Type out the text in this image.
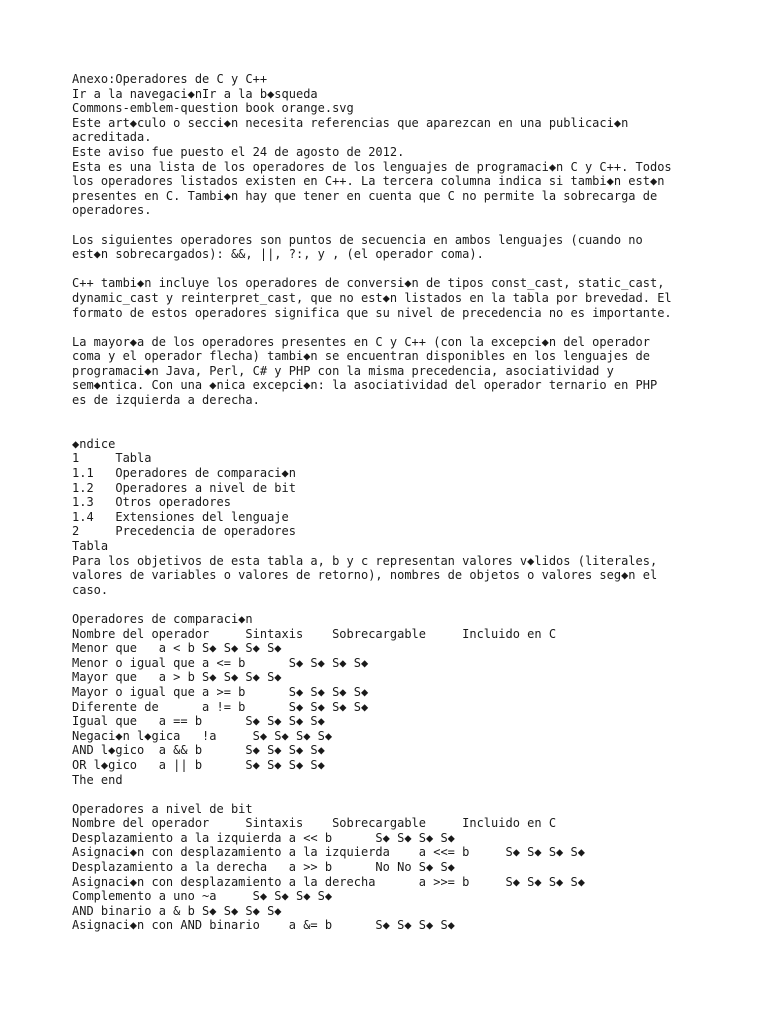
Anexo:Operadores de C y C++
Ir a la navegaci◆nIr a la b◆squeda
Commons-emblem-question book orange.svg
Este art◆culo o secci◆n necesita referencias que aparezcan en una publicaci◆n
acreditada.
Este aviso fue puesto el 24 de agosto de 2012.
Esta es una lista de los operadores de los lenguajes de programaci◆n C y C++. Todos
los operadores listados existen en C++. La tercera columna indica si tambi◆n est◆n
presentes en C. Tambi◆n hay que tener en cuenta que C no permite la sobrecarga de
operadores.
Los siguientes operadores son puntos de secuencia en ambos lenguajes (cuando no
est◆n sobrecargados): &&, ||, ?:, y , (el operador coma).
C++ tambi◆n incluye los operadores de conversi◆n de tipos const_cast, static_cast,
dynamic_cast y reinterpret_cast, que no est◆n listados en la tabla por brevedad. El
formato de estos operadores significa que su nivel de precedencia no es importante.
La mayor◆a de los operadores presentes en C y C++ (con la excepci◆n del operador
coma y el operador flecha) tambi◆n se encuentran disponibles en los lenguajes de
programaci◆n Java, Perl, C# y PHP con la misma precedencia, asociatividad y
sem◆ntica. Con una ◆nica excepci◆n: la asociatividad del operador ternario en PHP
es de izquierda a derecha.
◆ndice
1     Tabla
1.1   Operadores de comparaci◆n
1.2   Operadores a nivel de bit
1.3   Otros operadores
1.4   Extensiones del lenguaje
2     Precedencia de operadores
Tabla
Para los objetivos de esta tabla a, b y c representan valores v◆lidos (literales,
valores de variables o valores de retorno), nombres de objetos o valores seg◆n el
caso.
Operadores de comparaci◆n
Nombre del operador     Sintaxis    Sobrecargable     Incluido en C
Menor que   a < b S◆ S◆ S◆ S◆
Menor o igual que a <= b      S◆ S◆ S◆ S◆
Mayor que   a > b S◆ S◆ S◆ S◆
Mayor o igual que a >= b      S◆ S◆ S◆ S◆
Diferente de      a != b      S◆ S◆ S◆ S◆
Igual que   a == b      S◆ S◆ S◆ S◆
Negaci◆n l◆gica   !a     S◆ S◆ S◆ S◆
AND l◆gico  a && b      S◆ S◆ S◆ S◆
OR l◆gico   a || b      S◆ S◆ S◆ S◆
The end
Operadores a nivel de bit
Nombre del operador     Sintaxis    Sobrecargable     Incluido en C
Desplazamiento a la izquierda a << b      S◆ S◆ S◆ S◆
Asignaci◆n con desplazamiento a la izquierda    a <<= b     S◆ S◆ S◆ S◆
Desplazamiento a la derecha   a >> b      No No S◆ S◆
Asignaci◆n con desplazamiento a la derecha      a >>= b     S◆ S◆ S◆ S◆
Complemento a uno ~a     S◆ S◆ S◆ S◆
AND binario a & b S◆ S◆ S◆ S◆
Asignaci◆n con AND binario    a &= b      S◆ S◆ S◆ S◆
